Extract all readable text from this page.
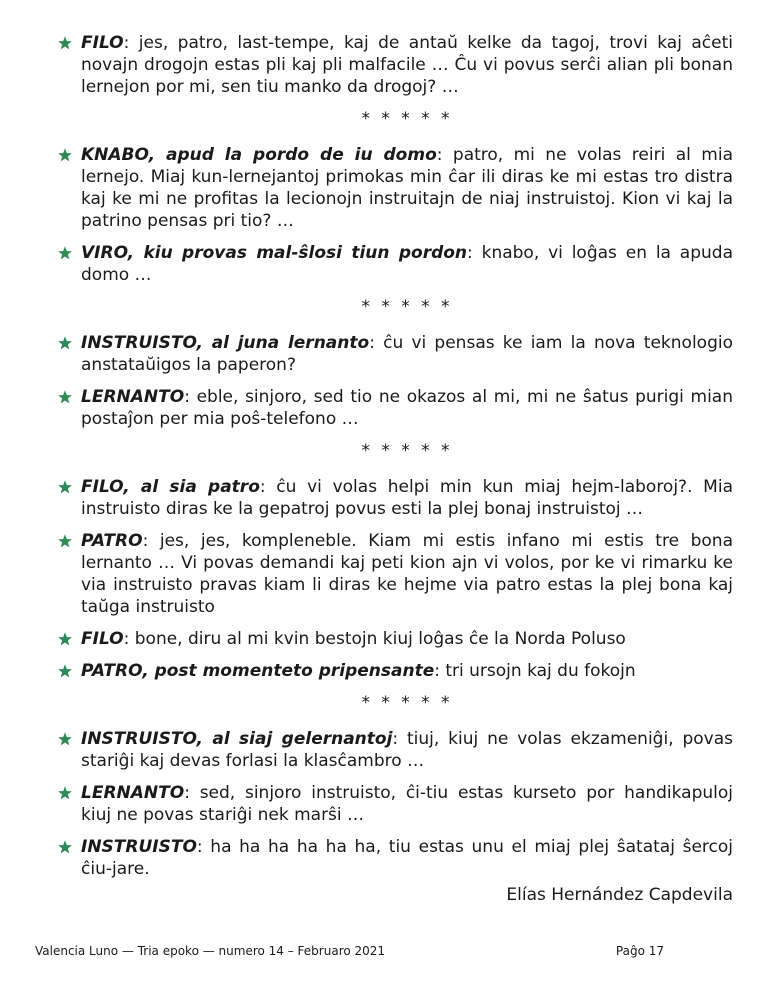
FILO: jes, patro, last-tempe, kaj de antaŭ kelke da tagoj, trovi kaj aĉeti novajn drogojn estas pli kaj pli malfacile … Ĉu vi povus serĉi alian pli bonan lernejon por mi, sen tiu manko da drogoj? …
* * * * *
KNABO, apud la pordo de iu domo: patro, mi ne volas reiri al mia lernejo. Miaj kun-lernejantoj primokas min ĉar ili diras ke mi estas tro distra kaj ke mi ne profitas la lecionojn instruitajn de niaj instruistoj. Kion vi kaj la patrino pensas pri tio? …
VIRO, kiu provas mal-ŝlosi tiun pordon: knabo, vi loĝas en la apuda domo …
* * * * *
INSTRUISTO, al juna lernanto: ĉu vi pensas ke iam la nova teknologio anstataŭigos la paperon?
LERNANTO: eble, sinjoro, sed tio ne okazos al mi, mi ne ŝatus purigi mian postaĵon per mia poŝ-telefono …
* * * * *
FILO, al sia patro: ĉu vi volas helpi min kun miaj hejm-laboroj?. Mia instruisto diras ke la gepatroj povus esti la plej bonaj instruistoj …
PATRO: jes, jes, kompleneble. Kiam mi estis infano mi estis tre bona lernanto … Vi povas demandi kaj peti kion ajn vi volos, por ke vi rimarku ke via instruisto pravas kiam li diras ke hejme via patro estas la plej bona kaj taŭga instruisto
FILO: bone, diru al mi kvin bestojn kiuj loĝas ĉe la Norda Poluso
PATRO, post momenteto pripensante: tri ursojn kaj du fokojn
* * * * *
INSTRUISTO, al siaj gelernantoj: tiuj, kiuj ne volas ekzameniĝi, povas stariĝi kaj devas forlasi la klasĉambro …
LERNANTO: sed, sinjoro instruisto, ĉi-tiu estas kurseto por handikapuloj kiuj ne povas stariĝi nek marŝi …
INSTRUISTO: ha ha ha ha ha ha, tiu estas unu el miaj plej ŝatataj ŝercoj ĉiu-jare.
Elías Hernández Capdevila
Valencia Luno — Tria epoko — numero 14 – Februaro 2021	Paĝo 17
